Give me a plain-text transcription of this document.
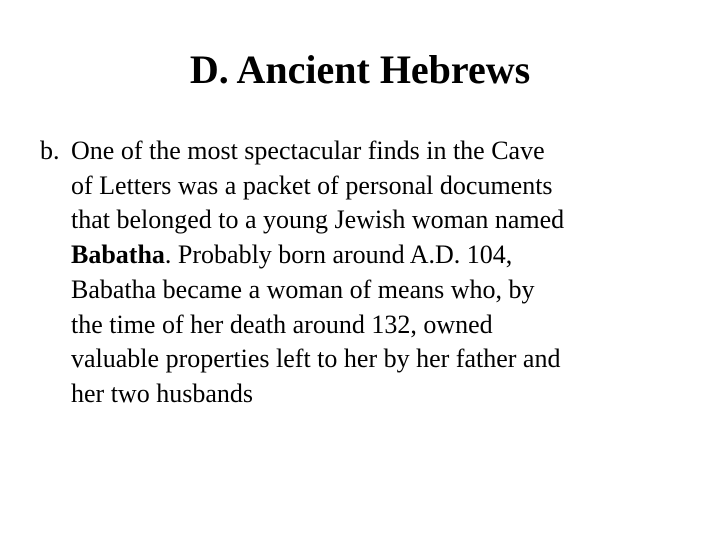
D. Ancient Hebrews
b. One of the most spectacular finds in the Cave
of Letters was a packet of personal documents
that belonged to a young Jewish woman named
Babatha. Probably born around A.D. 104,
Babatha became a woman of means who, by
the time of her death around 132, owned
valuable properties left to her by her father and
her two husbands
